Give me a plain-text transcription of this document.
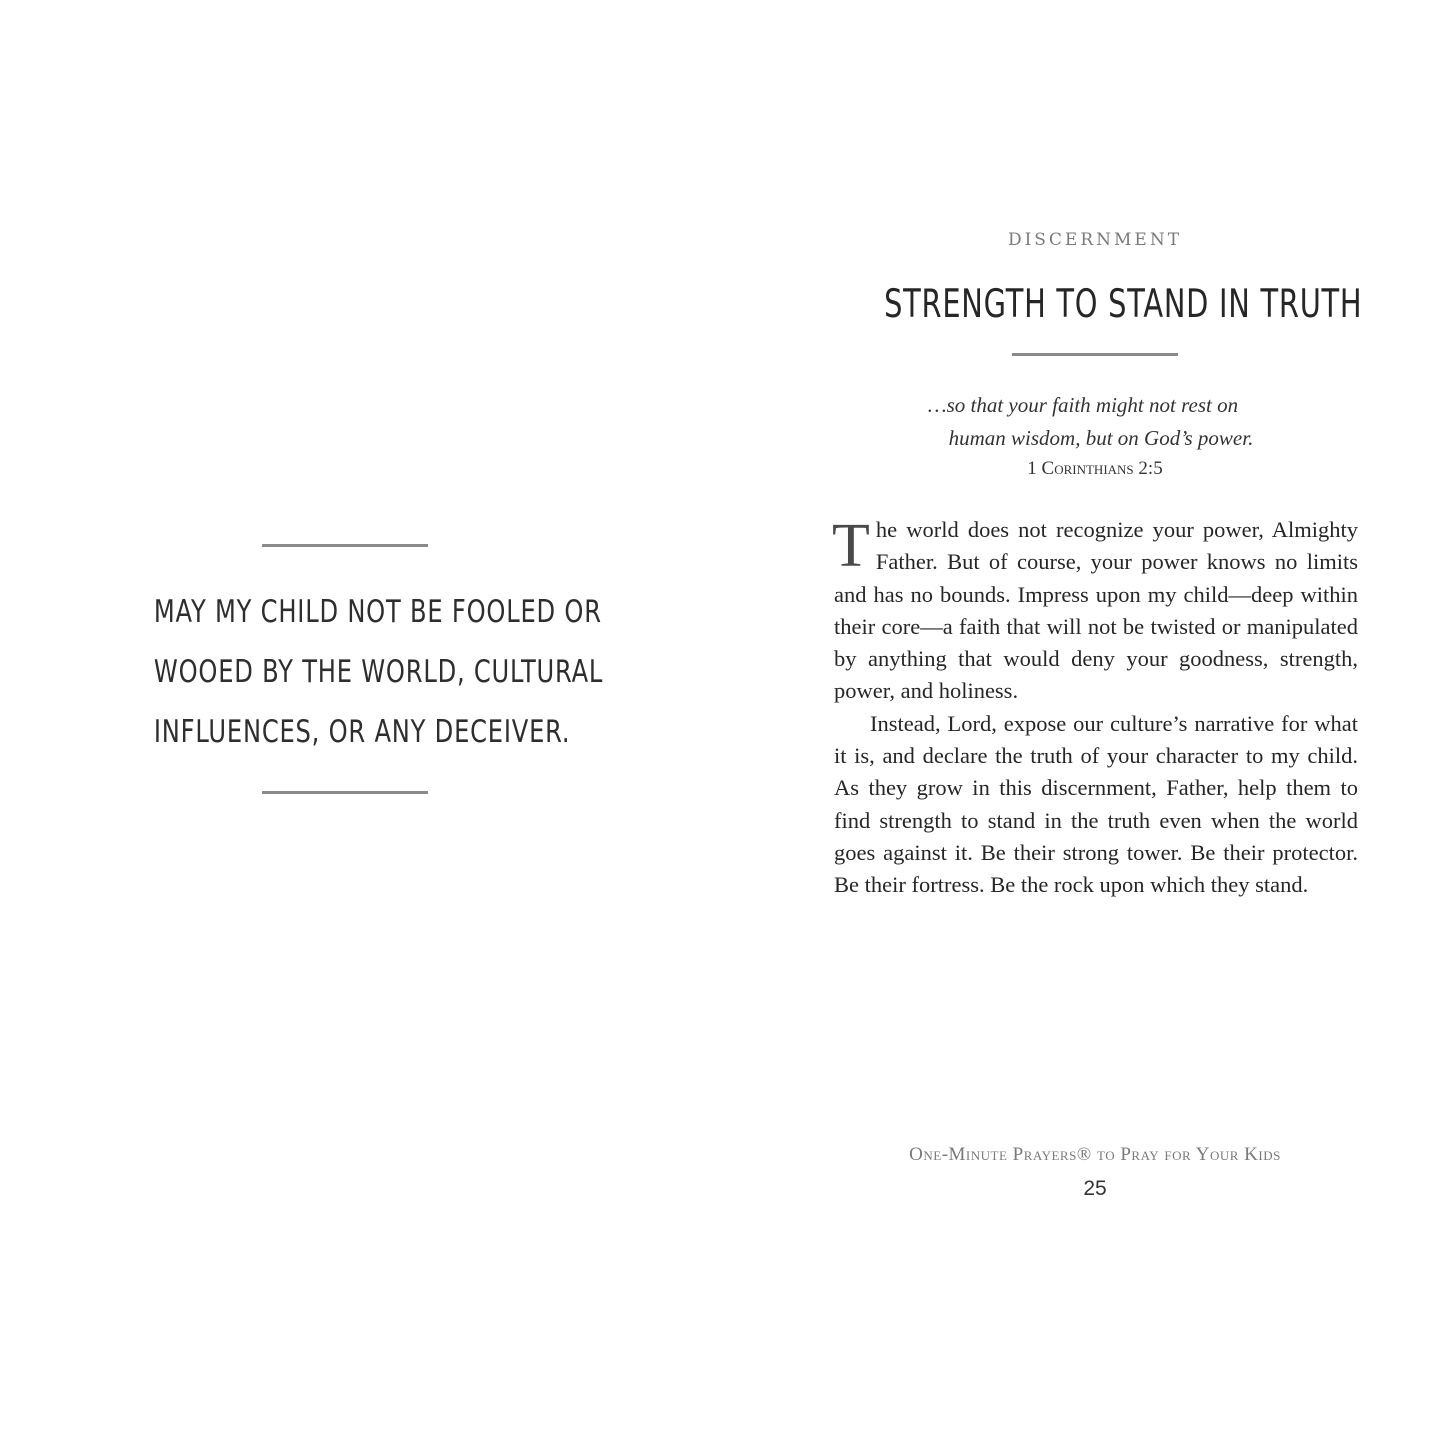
MAY MY CHILD NOT BE FOOLED OR
WOOED BY THE WORLD, CULTURAL
INFLUENCES, OR ANY DECEIVER.

DISCERNMENT
STRENGTH TO STAND IN TRUTH
…so that your faith might not rest on
human wisdom, but on God’s power.
1 Corinthians 2:5

The world does not recognize your power, Almighty Father. But of course, your power knows no limits and has no bounds. Impress upon my child—deep within their core—a faith that will not be twisted or manipulated by anything that would deny your goodness, strength, power, and holiness.

Instead, Lord, expose our culture’s narrative for what it is, and declare the truth of your character to my child. As they grow in this discernment, Father, help them to find strength to stand in the truth even when the world goes against it. Be their strong tower. Be their protector. Be their fortress. Be the rock upon which they stand.

One-Minute Prayers® to Pray for Your Kids
25
